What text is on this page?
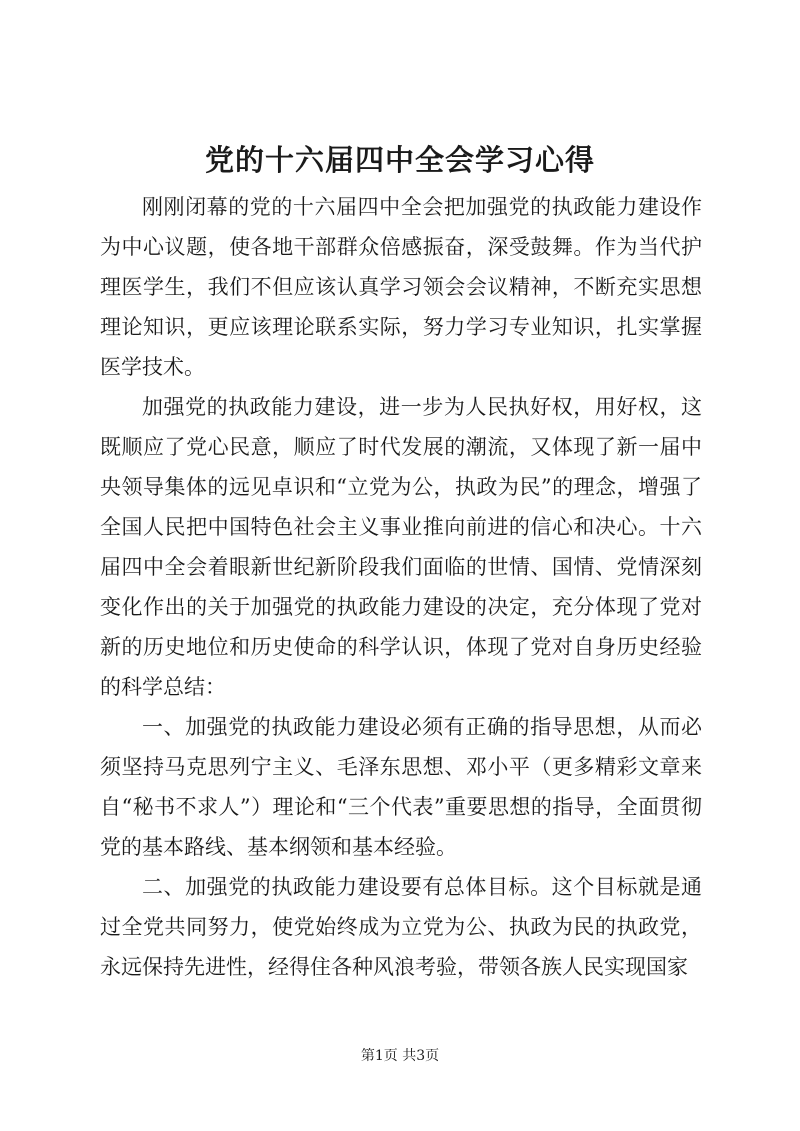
党的十六届四中全会学习心得

刚刚闭幕的党的十六届四中全会把加强党的执政能力建设作为中心议题，使各地干部群众倍感振奋，深受鼓舞。作为当代护理医学生，我们不但应该认真学习领会会议精神，不断充实思想理论知识，更应该理论联系实际，努力学习专业知识，扎实掌握医学技术。

加强党的执政能力建设，进一步为人民执好权，用好权，这既顺应了党心民意，顺应了时代发展的潮流，又体现了新一届中央领导集体的远见卓识和“立党为公，执政为民”的理念，增强了全国人民把中国特色社会主义事业推向前进的信心和决心。十六届四中全会着眼新世纪新阶段我们面临的世情、国情、党情深刻变化作出的关于加强党的执政能力建设的决定，充分体现了党对新的历史地位和历史使命的科学认识，体现了党对自身历史经验的科学总结：

一、加强党的执政能力建设必须有正确的指导思想，从而必须坚持马克思列宁主义、毛泽东思想、邓小平（更多精彩文章来自“秘书不求人”）理论和“三个代表”重要思想的指导，全面贯彻党的基本路线、基本纲领和基本经验。

二、加强党的执政能力建设要有总体目标。这个目标就是通过全党共同努力，使党始终成为立党为公、执政为民的执政党，永远保持先进性，经得住各种风浪考验，带领各族人民实现国家

第1页 共3页
